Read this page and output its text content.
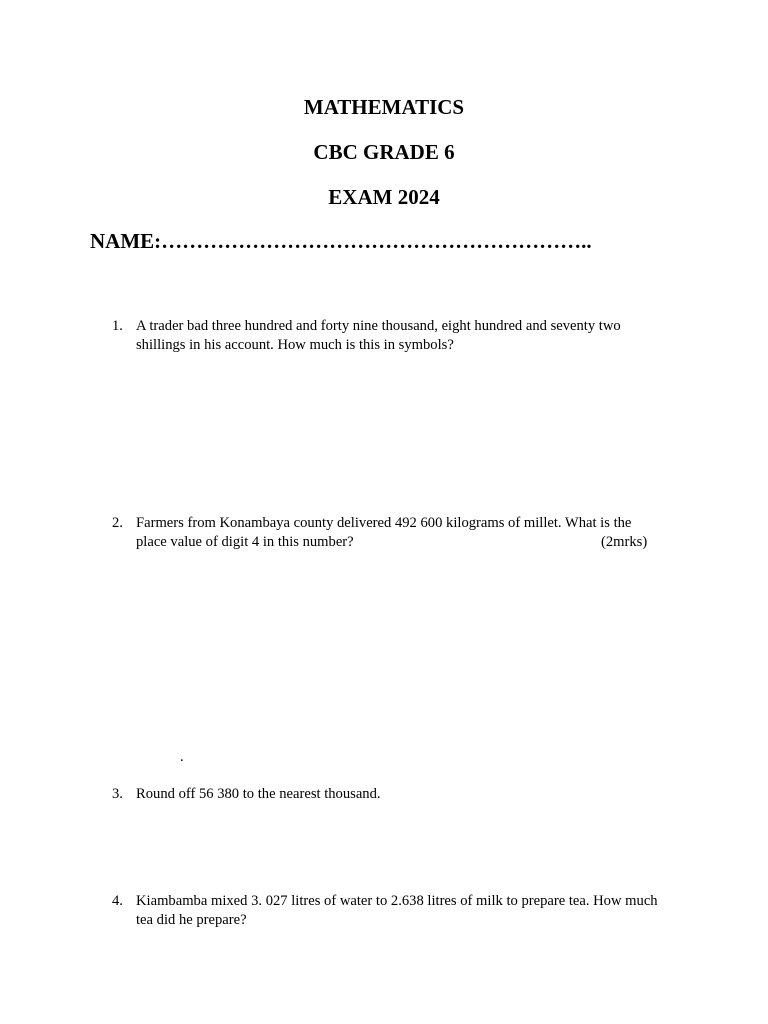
MATHEMATICS
CBC GRADE 6
EXAM 2024
NAME:……………………………………………………..
1. A trader bad three hundred and forty nine thousand, eight hundred and seventy two
shillings in his account. How much is this in symbols?
2. Farmers from Konambaya county delivered 492 600 kilograms of millet. What is the
place value of digit 4 in this number?	(2mrks)
.
3. Round off 56 380 to the nearest thousand.
4. Kiambamba mixed 3. 027 litres of water to 2.638 litres of milk to prepare tea. How much
tea did he prepare?
